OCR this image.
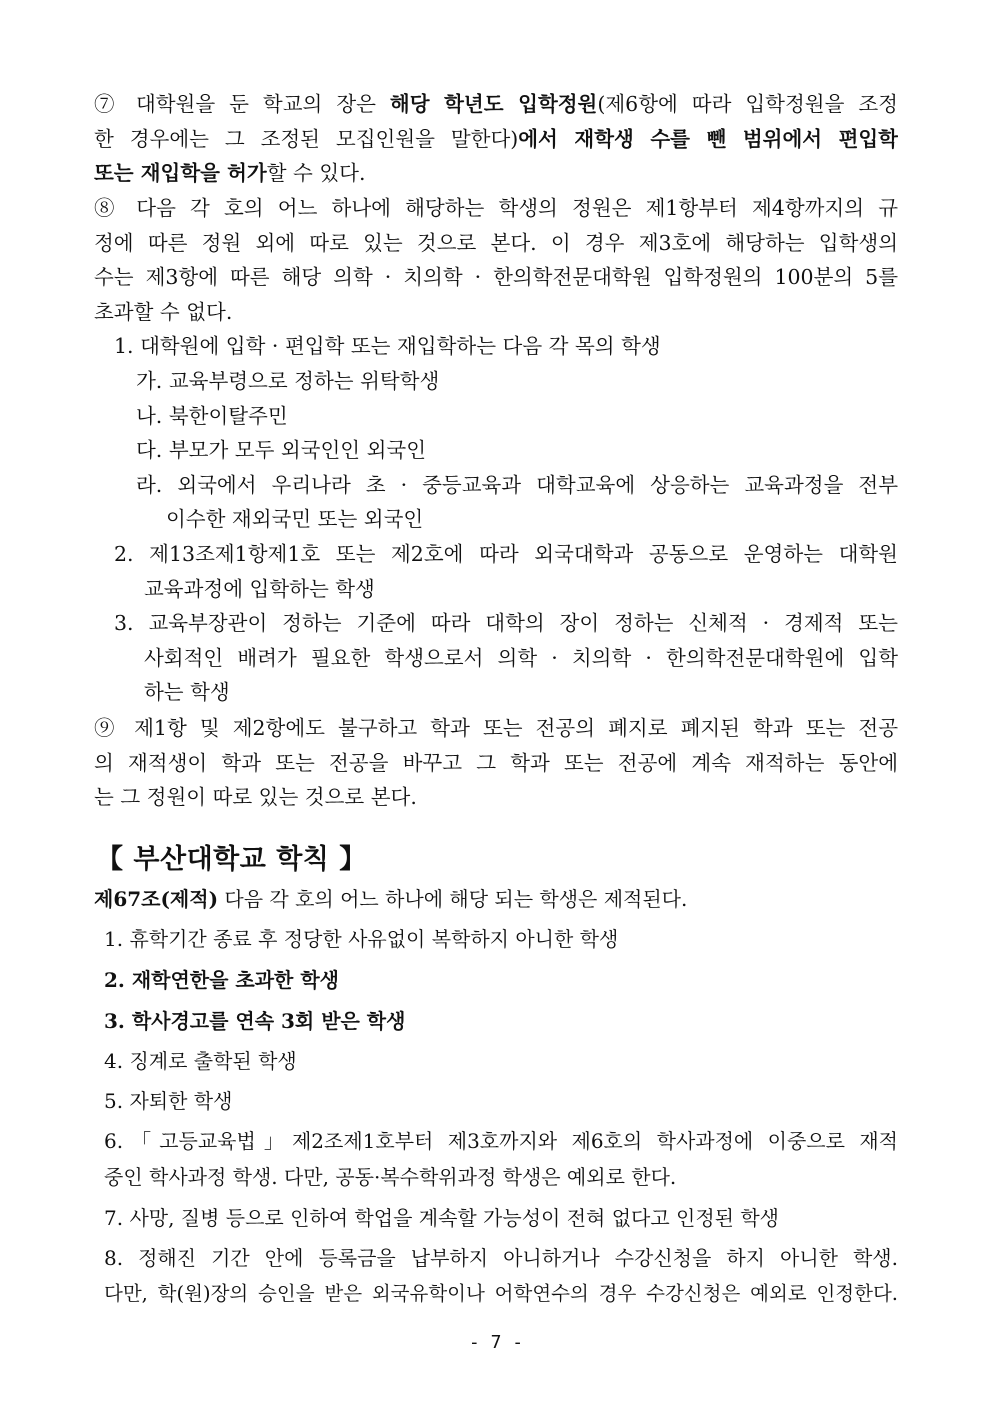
⑦ 대학원을 둔 학교의 장은 해당 학년도 입학정원(제6항에 따라 입학정원을 조정
한 경우에는 그 조정된 모집인원을 말한다)에서 재학생 수를 뺀 범위에서 편입학
또는 재입학을 허가할 수 있다.
⑧ 다음 각 호의 어느 하나에 해당하는 학생의 정원은 제1항부터 제4항까지의 규
정에 따른 정원 외에 따로 있는 것으로 본다. 이 경우 제3호에 해당하는 입학생의
수는 제3항에 따른 해당 의학 · 치의학 · 한의학전문대학원 입학정원의 100분의 5를
초과할 수 없다.
1. 대학원에 입학 · 편입학 또는 재입학하는 다음 각 목의 학생
가. 교육부령으로 정하는 위탁학생
나. 북한이탈주민
다. 부모가 모두 외국인인 외국인
라. 외국에서 우리나라 초 · 중등교육과 대학교육에 상응하는 교육과정을 전부
이수한 재외국민 또는 외국인
2. 제13조제1항제1호 또는 제2호에 따라 외국대학과 공동으로 운영하는 대학원
교육과정에 입학하는 학생
3. 교육부장관이 정하는 기준에 따라 대학의 장이 정하는 신체적 · 경제적 또는
사회적인 배려가 필요한 학생으로서 의학 · 치의학 · 한의학전문대학원에 입학
하는 학생
⑨ 제1항 및 제2항에도 불구하고 학과 또는 전공의 폐지로 폐지된 학과 또는 전공
의 재적생이 학과 또는 전공을 바꾸고 그 학과 또는 전공에 계속 재적하는 동안에
는 그 정원이 따로 있는 것으로 본다.
【 부산대학교 학칙 】
제67조(제적) 다음 각 호의 어느 하나에 해당 되는 학생은 제적된다.
1. 휴학기간 종료 후 정당한 사유없이 복학하지 아니한 학생
2. 재학연한을 초과한 학생
3. 학사경고를 연속 3회 받은 학생
4. 징계로 출학된 학생
5. 자퇴한 학생
6.「고등교육법」제2조제1호부터 제3호까지와 제6호의 학사과정에 이중으로 재적
중인 학사과정 학생. 다만, 공동·복수학위과정 학생은 예외로 한다.
7. 사망, 질병 등으로 인하여 학업을 계속할 가능성이 전혀 없다고 인정된 학생
8. 정해진 기간 안에 등록금을 납부하지 아니하거나 수강신청을 하지 아니한 학생.
다만, 학(원)장의 승인을 받은 외국유학이나 어학연수의 경우 수강신청은 예외로 인정한다.
- 7 -
